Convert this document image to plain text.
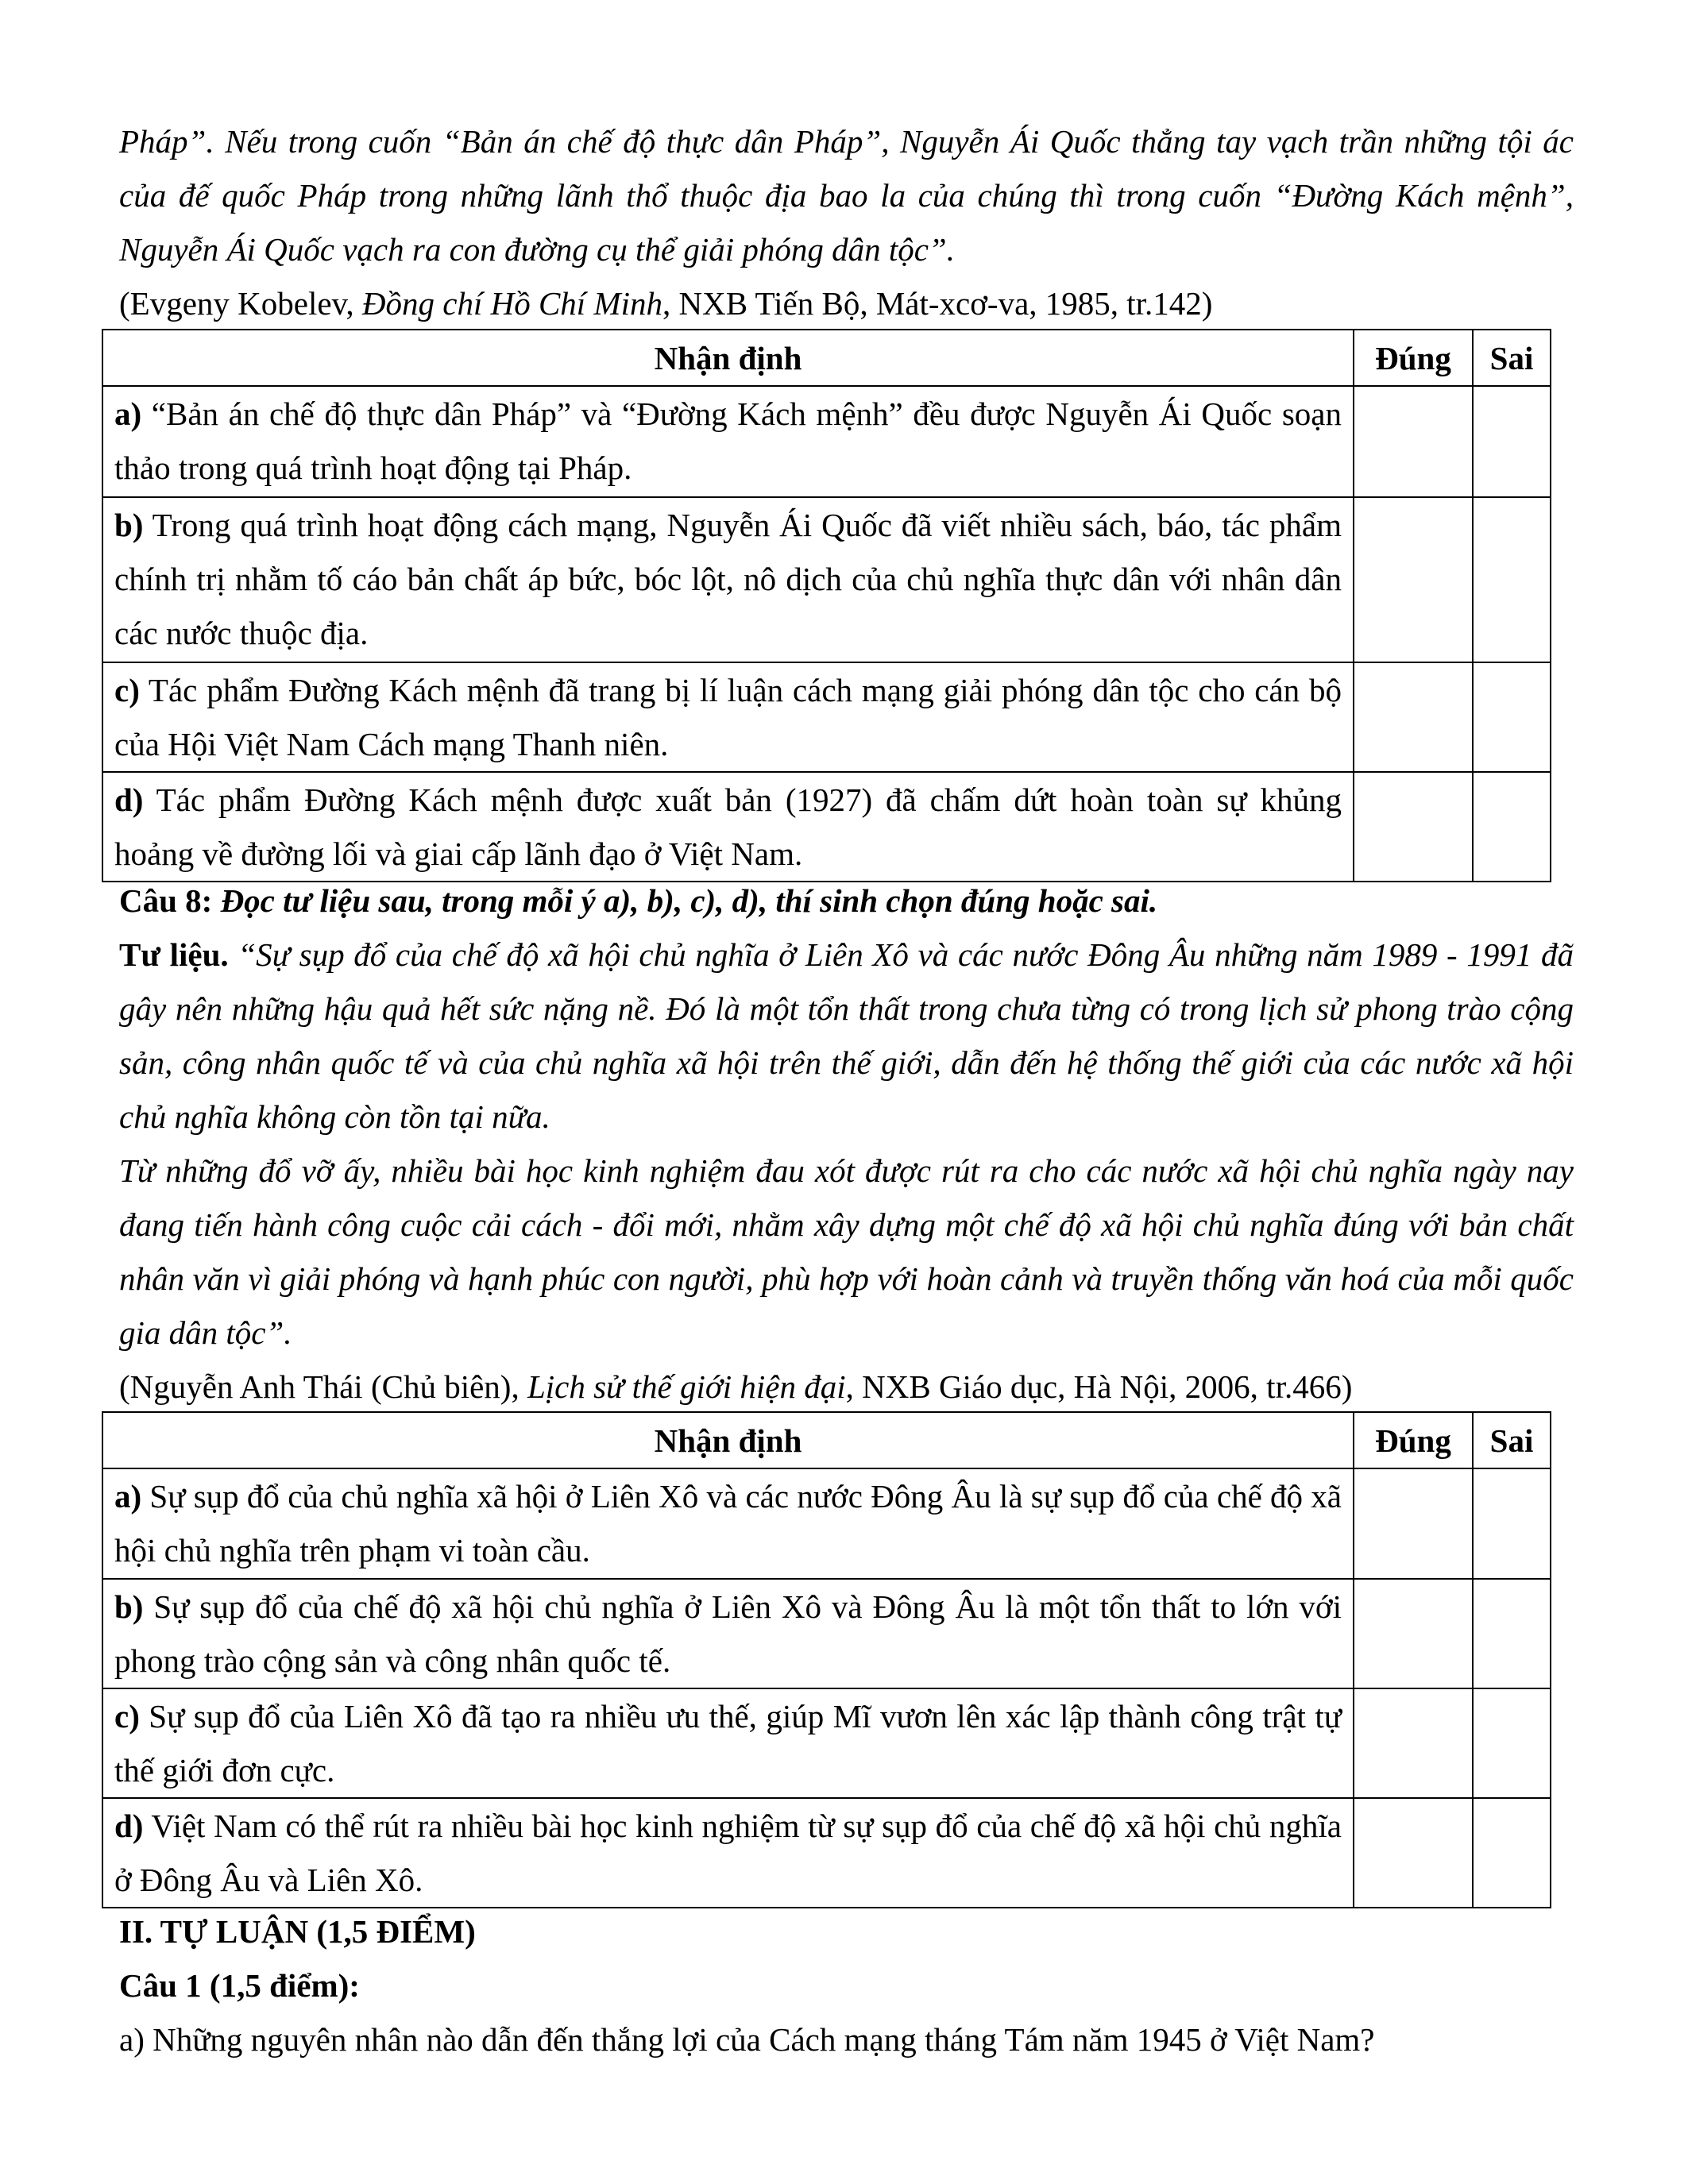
Pháp”. Nếu trong cuốn “Bản án chế độ thực dân Pháp”, Nguyễn Ái Quốc thẳng tay vạch trần những tội ác của đế quốc Pháp trong những lãnh thổ thuộc địa bao la của chúng thì trong cuốn “Đường Kách mệnh”, Nguyễn Ái Quốc vạch ra con đường cụ thể giải phóng dân tộc”.
(Evgeny Kobelev, Đồng chí Hồ Chí Minh, NXB Tiến Bộ, Mát-xcơ-va, 1985, tr.142)
Nhận định	Đúng	Sai
a) “Bản án chế độ thực dân Pháp” và “Đường Kách mệnh” đều được Nguyễn Ái Quốc soạn thảo trong quá trình hoạt động tại Pháp.		
b) Trong quá trình hoạt động cách mạng, Nguyễn Ái Quốc đã viết nhiều sách, báo, tác phẩm chính trị nhằm tố cáo bản chất áp bức, bóc lột, nô dịch của chủ nghĩa thực dân với nhân dân các nước thuộc địa.		
c) Tác phẩm Đường Kách mệnh đã trang bị lí luận cách mạng giải phóng dân tộc cho cán bộ của Hội Việt Nam Cách mạng Thanh niên.		
d) Tác phẩm Đường Kách mệnh được xuất bản (1927) đã chấm dứt hoàn toàn sự khủng hoảng về đường lối và giai cấp lãnh đạo ở Việt Nam.		
Câu 8: Đọc tư liệu sau, trong mỗi ý a), b), c), d), thí sinh chọn đúng hoặc sai.
Tư liệu. “Sự sụp đổ của chế độ xã hội chủ nghĩa ở Liên Xô và các nước Đông Âu những năm 1989 - 1991 đã gây nên những hậu quả hết sức nặng nề. Đó là một tổn thất trong chưa từng có trong lịch sử phong trào cộng sản, công nhân quốc tế và của chủ nghĩa xã hội trên thế giới, dẫn đến hệ thống thế giới của các nước xã hội chủ nghĩa không còn tồn tại nữa.
Từ những đổ vỡ ấy, nhiều bài học kinh nghiệm đau xót được rút ra cho các nước xã hội chủ nghĩa ngày nay đang tiến hành công cuộc cải cách - đổi mới, nhằm xây dựng một chế độ xã hội chủ nghĩa đúng với bản chất nhân văn vì giải phóng và hạnh phúc con người, phù hợp với hoàn cảnh và truyền thống văn hoá của mỗi quốc gia dân tộc”.
(Nguyễn Anh Thái (Chủ biên), Lịch sử thế giới hiện đại, NXB Giáo dục, Hà Nội, 2006, tr.466)
Nhận định	Đúng	Sai
a) Sự sụp đổ của chủ nghĩa xã hội ở Liên Xô và các nước Đông Âu là sự sụp đổ của chế độ xã hội chủ nghĩa trên phạm vi toàn cầu.		
b) Sự sụp đổ của chế độ xã hội chủ nghĩa ở Liên Xô và Đông Âu là một tổn thất to lớn với phong trào cộng sản và công nhân quốc tế.		
c) Sự sụp đổ của Liên Xô đã tạo ra nhiều ưu thế, giúp Mĩ vươn lên xác lập thành công trật tự thế giới đơn cực.		
d) Việt Nam có thể rút ra nhiều bài học kinh nghiệm từ sự sụp đổ của chế độ xã hội chủ nghĩa ở Đông Âu và Liên Xô.		
II. TỰ LUẬN (1,5 ĐIỂM)
Câu 1 (1,5 điểm):
a) Những nguyên nhân nào dẫn đến thắng lợi của Cách mạng tháng Tám năm 1945 ở Việt Nam?
